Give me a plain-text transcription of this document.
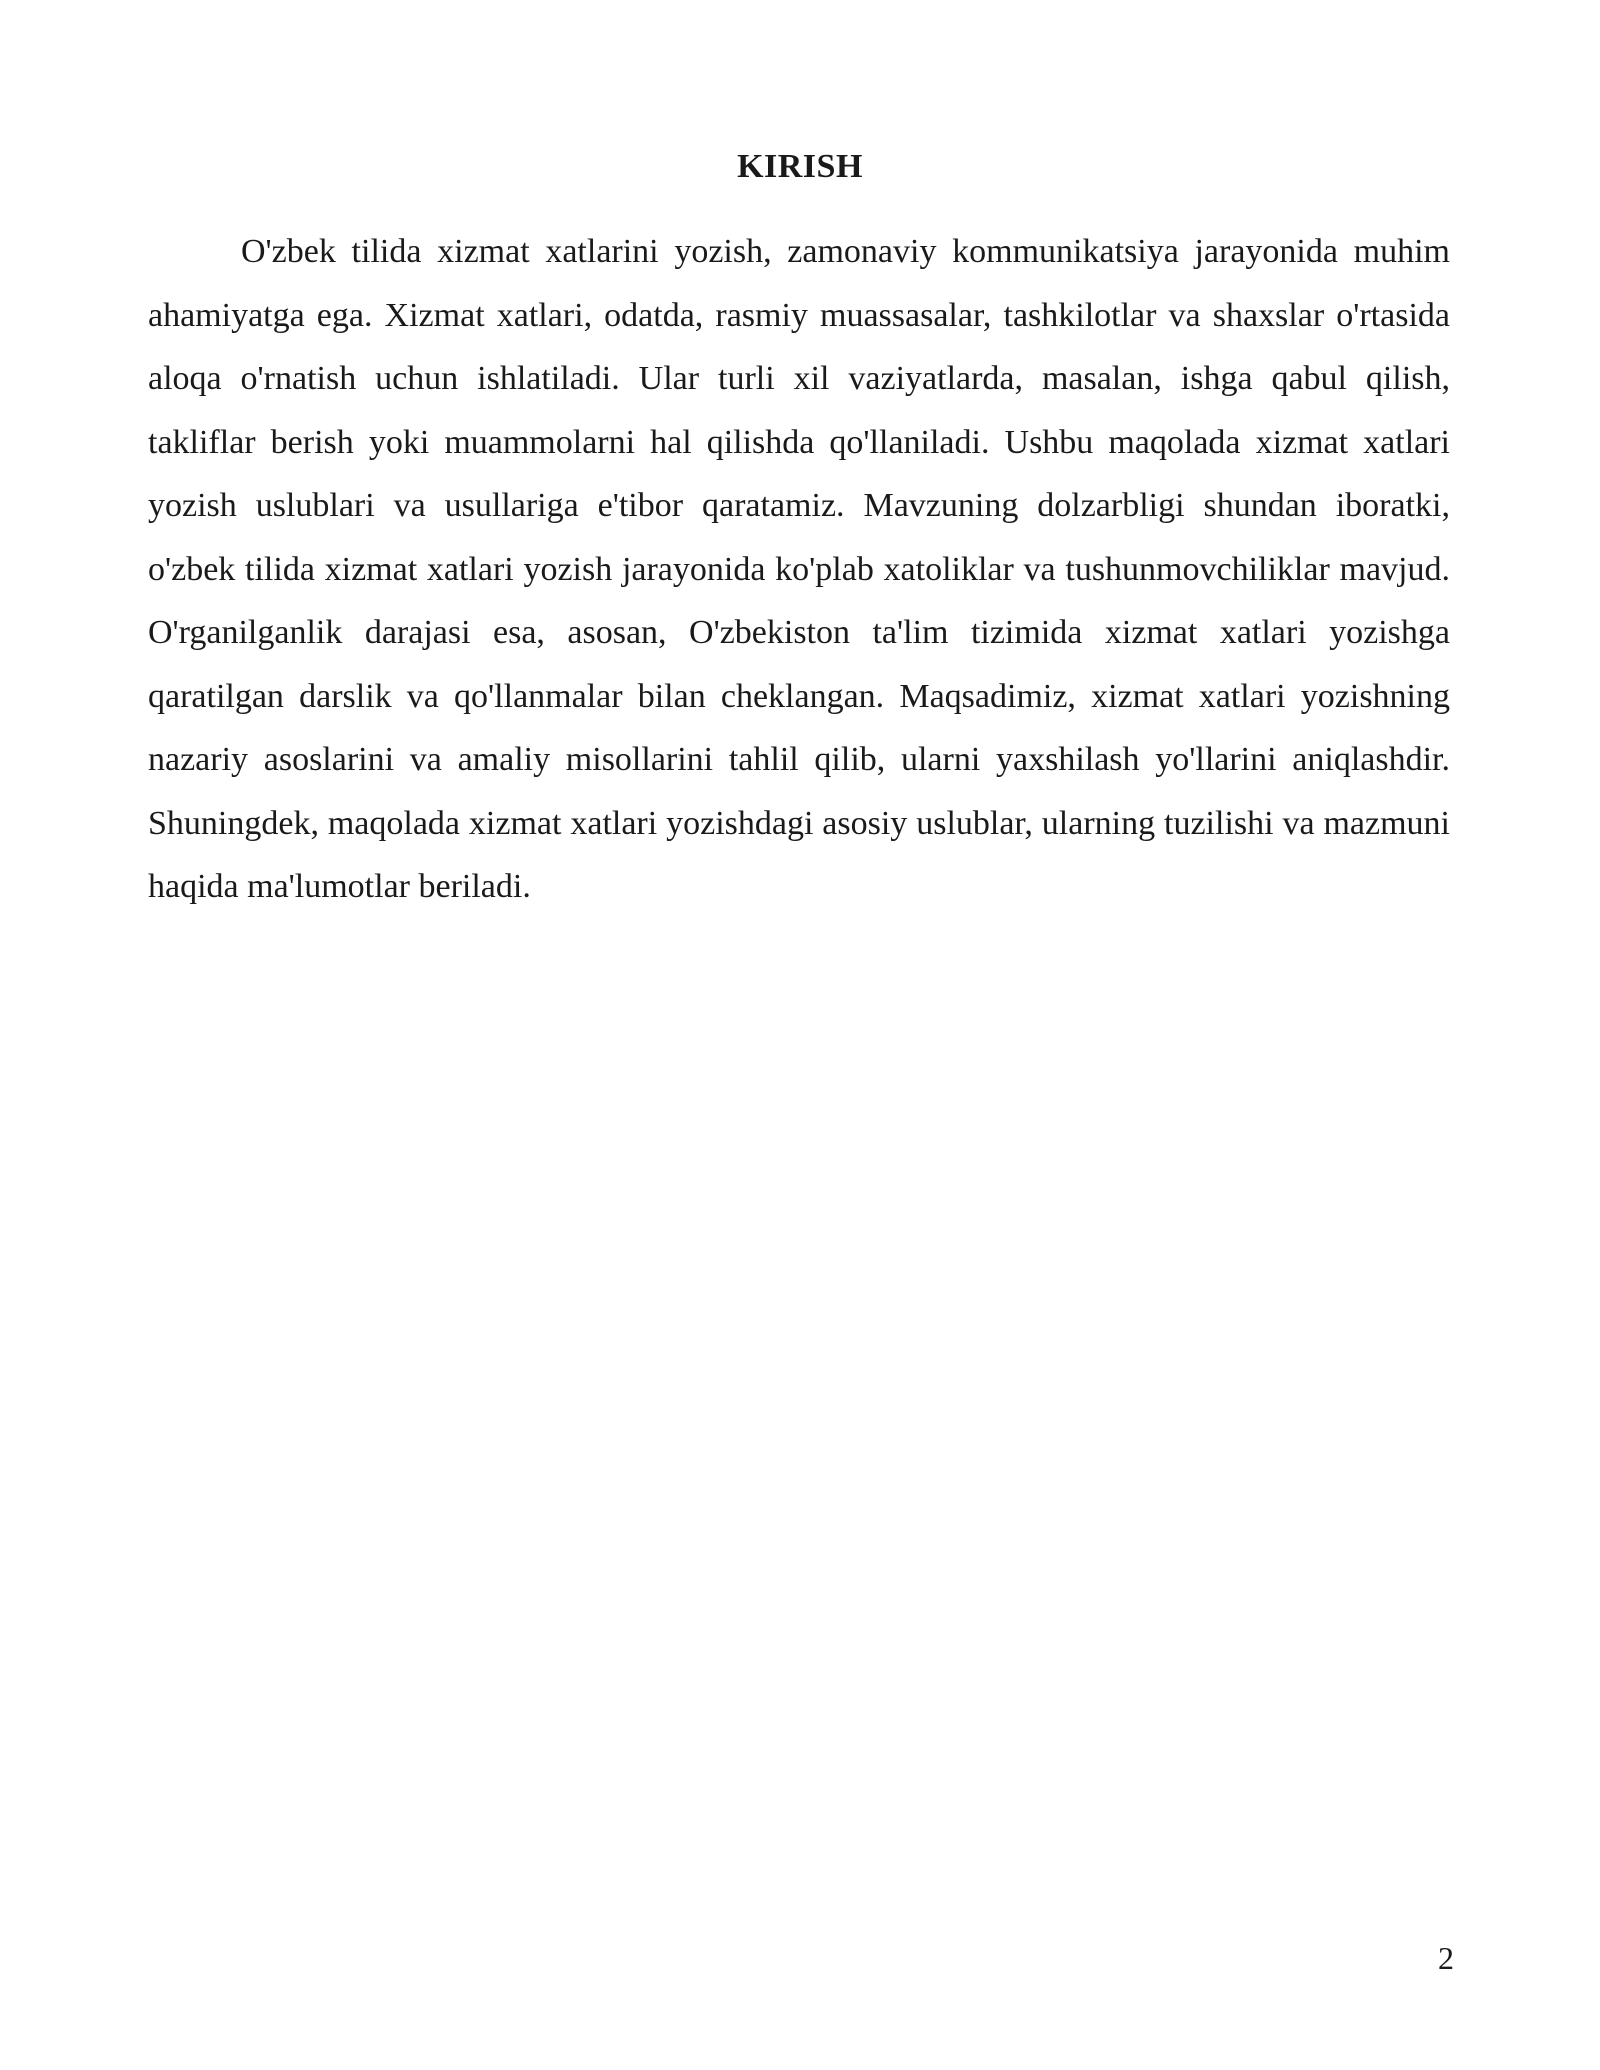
KIRISH

O'zbek tilida xizmat xatlarini yozish, zamonaviy kommunikatsiya jarayonida muhim ahamiyatga ega. Xizmat xatlari, odatda, rasmiy muassasalar, tashkilotlar va shaxslar o'rtasida aloqa o'rnatish uchun ishlatiladi. Ular turli xil vaziyatlarda, masalan, ishga qabul qilish, takliflar berish yoki muammolarni hal qilishda qo'llaniladi. Ushbu maqolada xizmat xatlari yozish uslublari va usullariga e'tibor qaratamiz. Mavzuning dolzarbligi shundan iboratki, o'zbek tilida xizmat xatlari yozish jarayonida ko'plab xatoliklar va tushunmovchiliklar mavjud. O'rganilganlik darajasi esa, asosan, O'zbekiston ta'lim tizimida xizmat xatlari yozishga qaratilgan darslik va qo'llanmalar bilan cheklangan. Maqsadimiz, xizmat xatlari yozishning nazariy asoslarini va amaliy misollarini tahlil qilib, ularni yaxshilash yo'llarini aniqlashdir. Shuningdek, maqolada xizmat xatlari yozishdagi asosiy uslublar, ularning tuzilishi va mazmuni haqida ma'lumotlar beriladi.

2
